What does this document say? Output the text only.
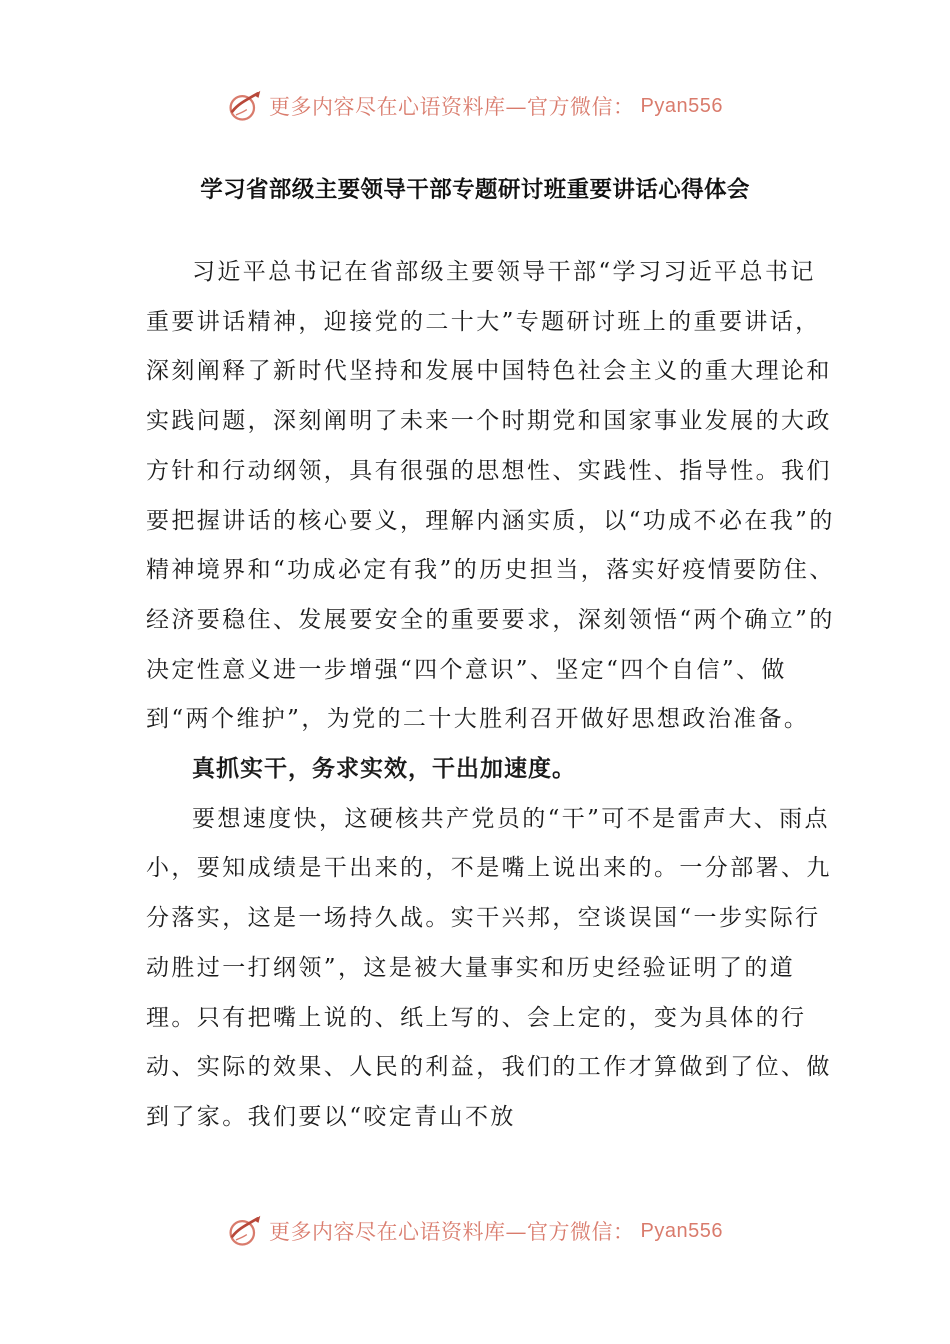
更多内容尽在心语资料库—官方微信： Pyan556
学习省部级主要领导干部专题研讨班重要讲话心得体会

习近平总书记在省部级主要领导干部“学习习近平总书记重要讲话精神，迎接党的二十大”专题研讨班上的重要讲话，深刻阐释了新时代坚持和发展中国特色社会主义的重大理论和实践问题，深刻阐明了未来一个时期党和国家事业发展的大政方针和行动纲领，具有很强的思想性、实践性、指导性。我们要把握讲话的核心要义，理解内涵实质，以“功成不必在我”的精神境界和“功成必定有我”的历史担当，落实好疫情要防住、经济要稳住、发展要安全的重要要求，深刻领悟“两个确立”的决定性意义进一步增强“四个意识”、坚定“四个自信”、做到“两个维护”，为党的二十大胜利召开做好思想政治准备。

真抓实干，务求实效，干出加速度。

要想速度快，这硬核共产党员的“干”可不是雷声大、雨点小，要知成绩是干出来的，不是嘴上说出来的。一分部署、九分落实，这是一场持久战。实干兴邦，空谈误国“一步实际行动胜过一打纲领”，这是被大量事实和历史经验证明了的道理。只有把嘴上说的、纸上写的、会上定的，变为具体的行动、实际的效果、人民的利益，我们的工作才算做到了位、做到了家。我们要以“咬定青山不放

更多内容尽在心语资料库—官方微信： Pyan556
